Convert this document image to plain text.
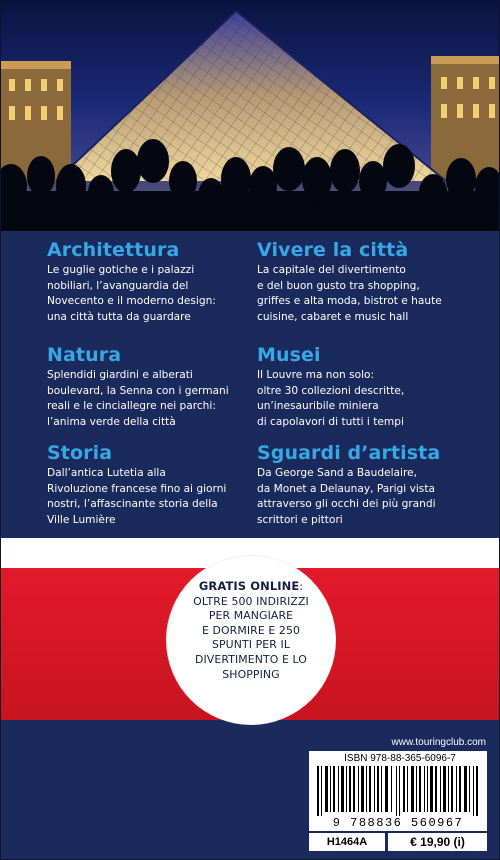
Architettura
Le guglie gotiche e i palazzi
nobiliari, l’avanguardia del
Novecento e il moderno design:
una città tutta da guardare
Natura
Splendidi giardini e alberati
boulevard, la Senna con i germani
reali e le cinciallegre nei parchi:
l’anima verde della città
Storia
Dall’antica Lutetia alla
Rivoluzione francese fino ai giorni
nostri, l’affascinante storia della
Ville Lumière
Vivere la città
La capitale del divertimento
e del buon gusto tra shopping,
griffes e alta moda, bistrot e haute
cuisine, cabaret e music hall
Musei
Il Louvre ma non solo:
oltre 30 collezioni descritte,
un’inesauribile miniera
di capolavori di tutti i tempi
Sguardi d’artista
Da George Sand a Baudelaire,
da Monet a Delaunay, Parigi vista
attraverso gli occhi dei più grandi
scrittori e pittori
GRATIS ONLINE:
OLTRE 500 INDIRIZZI
PER MANGIARE
E DORMIRE E 250
SPUNTI PER IL
DIVERTIMENTO E LO
SHOPPING
www.touringclub.com
ISBN 978-88-365-6096-7
9 788836 560967
H1464A	€ 19,90 (i)
